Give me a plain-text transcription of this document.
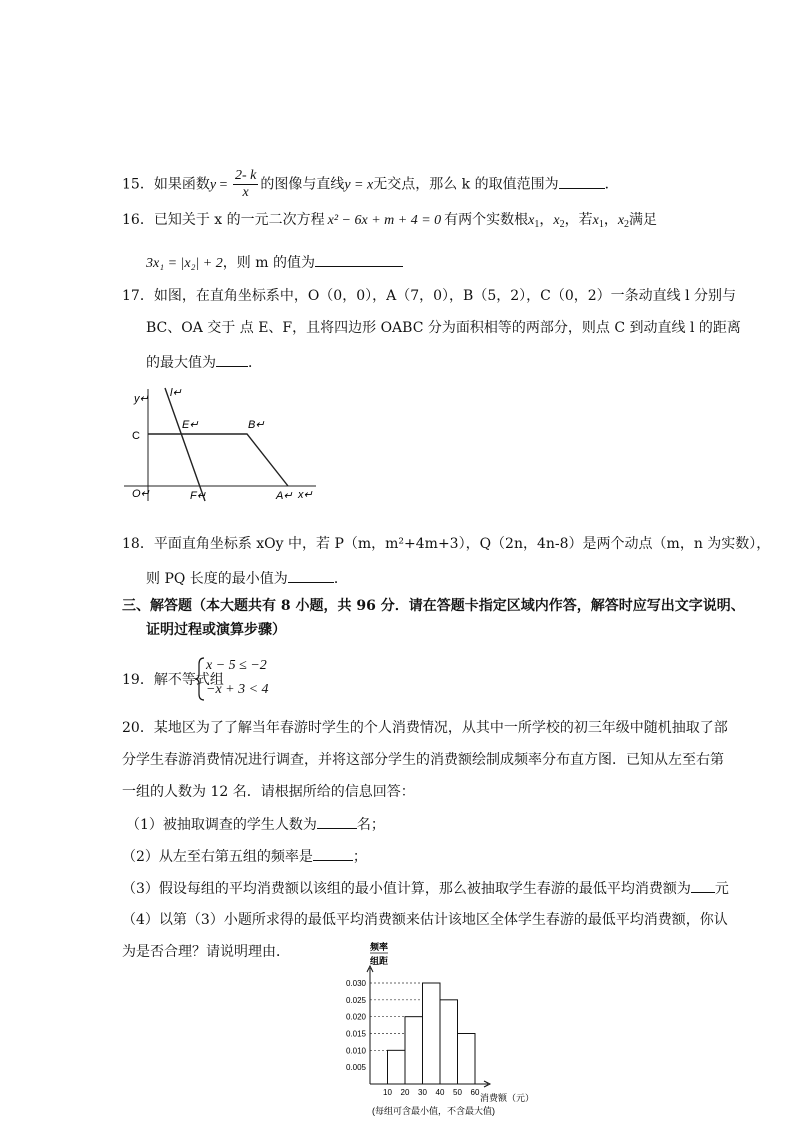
15．如果函数$y = \frac{2- k}{x}$ 的图像与直线y = x无交点，那么 k 的取值范围为	．
16．已知关于 x 的一元二次方程 x² − 6x + m + 4 = 0 有两个实数根$x_1$，$x_2$，若$x_1$，$x_2$满足
3x₁ = |x₂| + 2，则 m 的值为
17．如图，在直角坐标系中，O（0，0），A（7，0），B（5，2），C（0，2）一条动直线 l 分别与
BC、OA 交于 点 E、F，且将四边形 OABC 分为面积相等的两部分，则点 C 到动直线 l 的距离
的最大值为 ．
y↵ l↵
E↵	B↵
C
O↵	F↵	A↵ x↵
18．平面直角坐标系 xOy 中，若 P（m，m²+4m+3），Q（2n，4n-8）是两个动点（m，n 为实数），
则 PQ 长度的最小值为	．
三、解答题（本大题共有 8 小题，共 96 分．请在答题卡指定区域内作答，解答时应写出文字说明、
证明过程或演算步骤）
19．解不等式组
x − 5 ≤ −2
−x + 3 < 4
20．某地区为了了解当年春游时学生的个人消费情况，从其中一所学校的初三年级中随机抽取了部
分学生春游消费情况进行调查，并将这部分学生的消费额绘制成频率分布直方图．已知从左至右第
一组的人数为 12 名．请根据所给的信息回答：
（1）被抽取调查的学生人数为	名；
（2）从左至右第五组的频率是	；
（3）假设每组的平均消费额以该组的最小值计算，那么被抽取学生春游的最低平均消费额为 元
（4）以第（3）小题所求得的最低平均消费额来估计该地区全体学生春游的最低平均消费额，你认
为是否合理？请说明理由．
0.005
0.010
0.015
0.020
0.025
0.030
10 20 30 40 50 60
频率
组距
消费额（元）
(每组可含最小值，不含最大值)
